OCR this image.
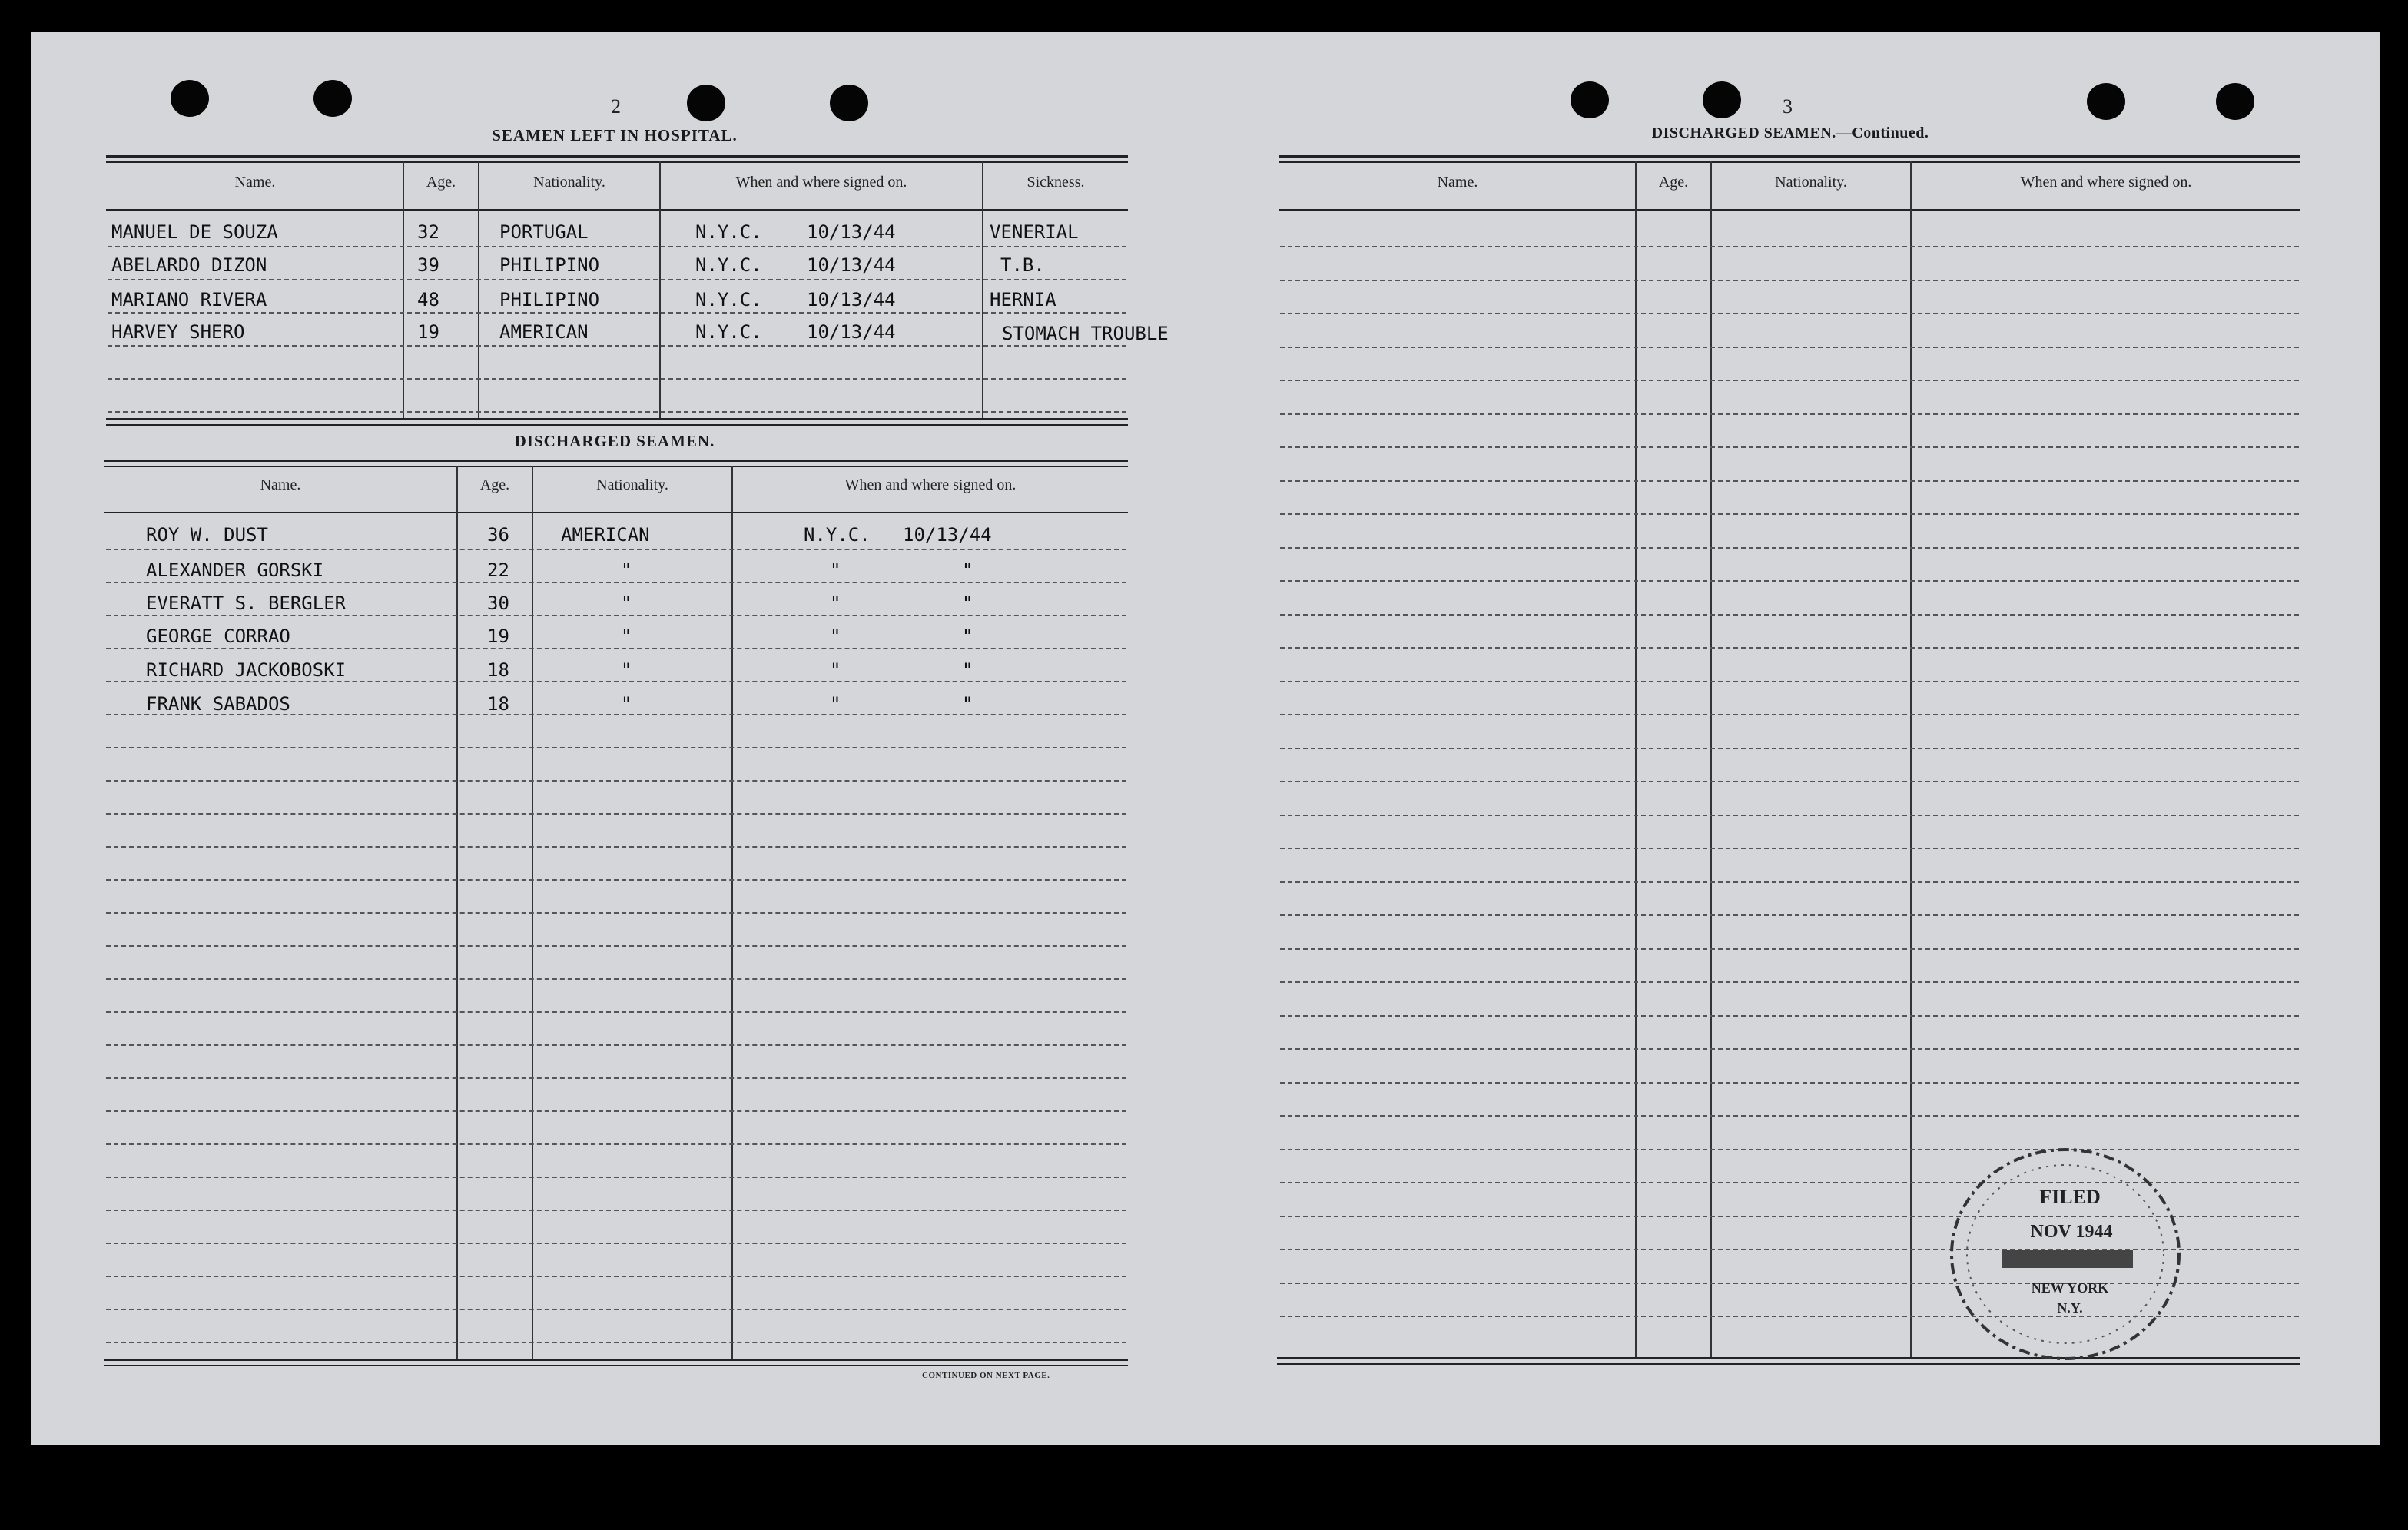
2
SEAMEN LEFT IN HOSPITAL.
Name.	Age.	Nationality.	When and where signed on.	Sickness.
MANUEL DE SOUZA	32	PORTUGAL	N.Y.C. 10/13/44	VENERIAL
ABELARDO DIZON	39	PHILIPINO	N.Y.C. 10/13/44	T.B.
MARIANO RIVERA	48	PHILIPINO	N.Y.C. 10/13/44	HERNIA
HARVEY SHERO	19	AMERICAN	N.Y.C. 10/13/44	STOMACH TROUBLE
DISCHARGED SEAMEN.
Name.	Age.	Nationality.	When and where signed on.
ROY W. DUST	36	AMERICAN	N.Y.C. 10/13/44
ALEXANDER GORSKI	22	"	"	"
EVERATT S. BERGLER	30	"	"	"
GEORGE CORRAO	19	"	"	"
RICHARD JACKOBOSKI	18	"	"	"
FRANK SABADOS	18	"	"	"
CONTINUED ON NEXT PAGE.
3
DISCHARGED SEAMEN.—Continued.
Name.	Age.	Nationality.	When and where signed on.
FILED
NOV 1944
NEW YORK
N.Y.
